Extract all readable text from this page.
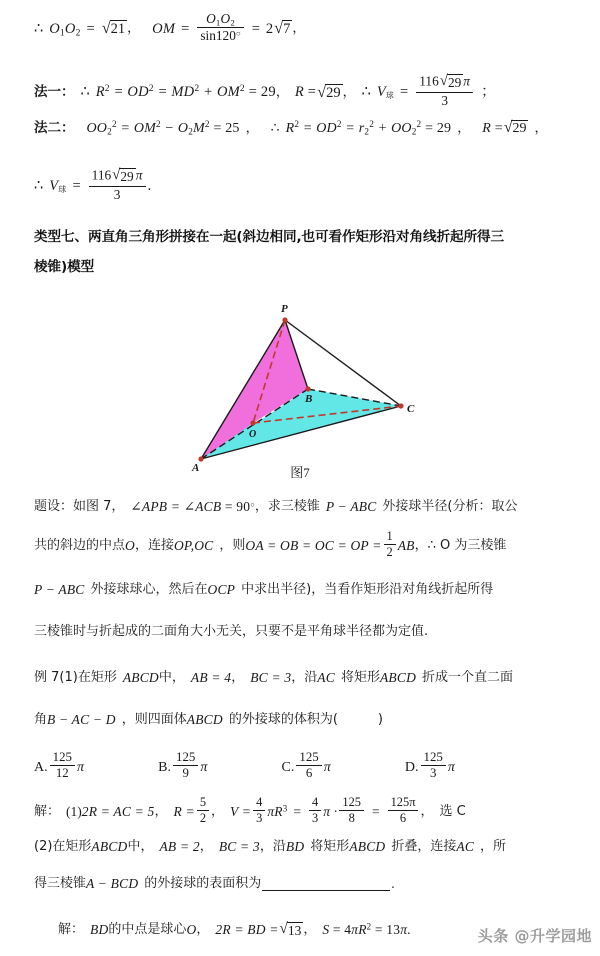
∴ $O_1O_2$ = √ 21 ， OM = $\frac{O_1O_2}{\sin 120^○} = 2$ √ 7 ，
法一： ∴ $R^2 = OD^2 = MD^2 + OM^2 = 29$ ， R = √ 29 ， ∴ $V_球 = \frac{116 √ 29 \pi}{3}$ ；
法二： $OO_2^2 = OM^2 - O_2M^2 = 25$ ， ∴ $R^2 = OD^2 = r_2^2 + OO_2^2 = 29$ ， R = √ 29 ，
∴ $V_球 = \frac{116 √ 29 \pi}{3}$ .
类型七、两直角三角形拼接在一起(斜边相同,也可看作矩形沿对角线折起所得三
棱锥)模型
P
B
C
O
A	图7
题设：如图 7， ∠APB = ∠ACB = 90○ ，求三棱锥 P − ABC 外接球半径(分析：取公
共的斜边的中点 O ，连接 OP,OC ，则 OA = OB = OC = OP = $\frac{1}{2}$ AB ，∴ O 为三棱锥
P − ABC 外接球球心，然后在 OCP 中求出半径)，当看作矩形沿对角线折起所得
三棱锥时与折起成的二面角大小无关，只要不是平角球半径都为定值.
例 7(1)在矩形 ABCD 中， AB = 4 ， BC = 3 ，沿 AC 将矩形 ABCD 折成一个直二面
角 B − AC − D ，则四面体 ABCD 的外接球的体积为(	)
A. $\frac{125}{12}$ π	B. $\frac{125}{9}$ π	C. $\frac{125}{6}$ π	D. $\frac{125}{3}$ π
解： (1) 2R = AC = 5 ， $R = \frac{5}{2}$ ， $V = \frac{4}{3} \pi R^3 = \frac{4}{3}$ $\pi \cdot \frac{125}{8} = \frac{125\pi}{6}$ ， 选 C
(2)在矩形 ABCD 中， AB = 2 ， BC = 3 ，沿 BD 将矩形 ABCD 折叠，连接 AC ，所
得三棱锥 A − BCD 的外接球的表面积为	.
解： BD 的中点是球心 O ， 2R = BD = √ 13 ， $S = 4\pi R^2 = 13\pi$ .	头条 @升学园地
